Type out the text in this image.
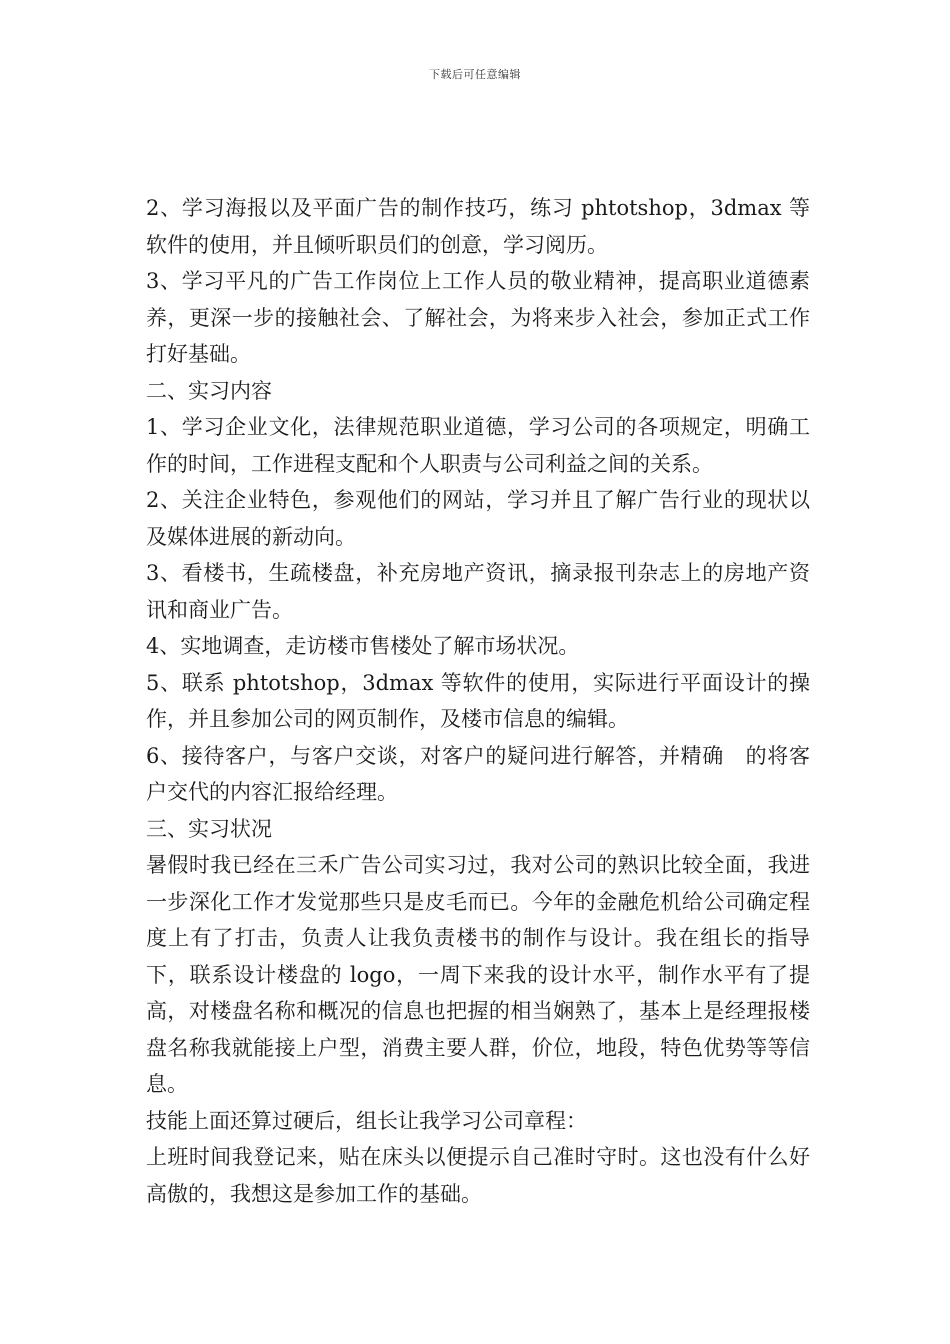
下载后可任意编辑

2、学习海报以及平面广告的制作技巧，练习 phtotshop，3dmax 等软件的使用，并且倾听职员们的创意，学习阅历。

3、学习平凡的广告工作岗位上工作人员的敬业精神，提高职业道德素养，更深一步的接触社会、了解社会，为将来步入社会，参加正式工作打好基础。

二、实习内容

1、学习企业文化，法律规范职业道德，学习公司的各项规定，明确工作的时间，工作进程支配和个人职责与公司利益之间的关系。

2、关注企业特色，参观他们的网站，学习并且了解广告行业的现状以及媒体进展的新动向。

3、看楼书，生疏楼盘，补充房地产资讯，摘录报刊杂志上的房地产资讯和商业广告。

4、实地调查，走访楼市售楼处了解市场状况。

5、联系 phtotshop，3dmax 等软件的使用，实际进行平面设计的操作，并且参加公司的网页制作，及楼市信息的编辑。

6、接待客户，与客户交谈，对客户的疑问进行解答，并精确　的将客户交代的内容汇报给经理。

三、实习状况

暑假时我已经在三禾广告公司实习过，我对公司的熟识比较全面，我进一步深化工作才发觉那些只是皮毛而已。今年的金融危机给公司确定程度上有了打击，负责人让我负责楼书的制作与设计。我在组长的指导下，联系设计楼盘的 logo，一周下来我的设计水平，制作水平有了提高，对楼盘名称和概况的信息也把握的相当娴熟了，基本上是经理报楼盘名称我就能接上户型，消费主要人群，价位，地段，特色优势等等信息。

技能上面还算过硬后，组长让我学习公司章程：

上班时间我登记来，贴在床头以便提示自己准时守时。这也没有什么好高傲的，我想这是参加工作的基础。
